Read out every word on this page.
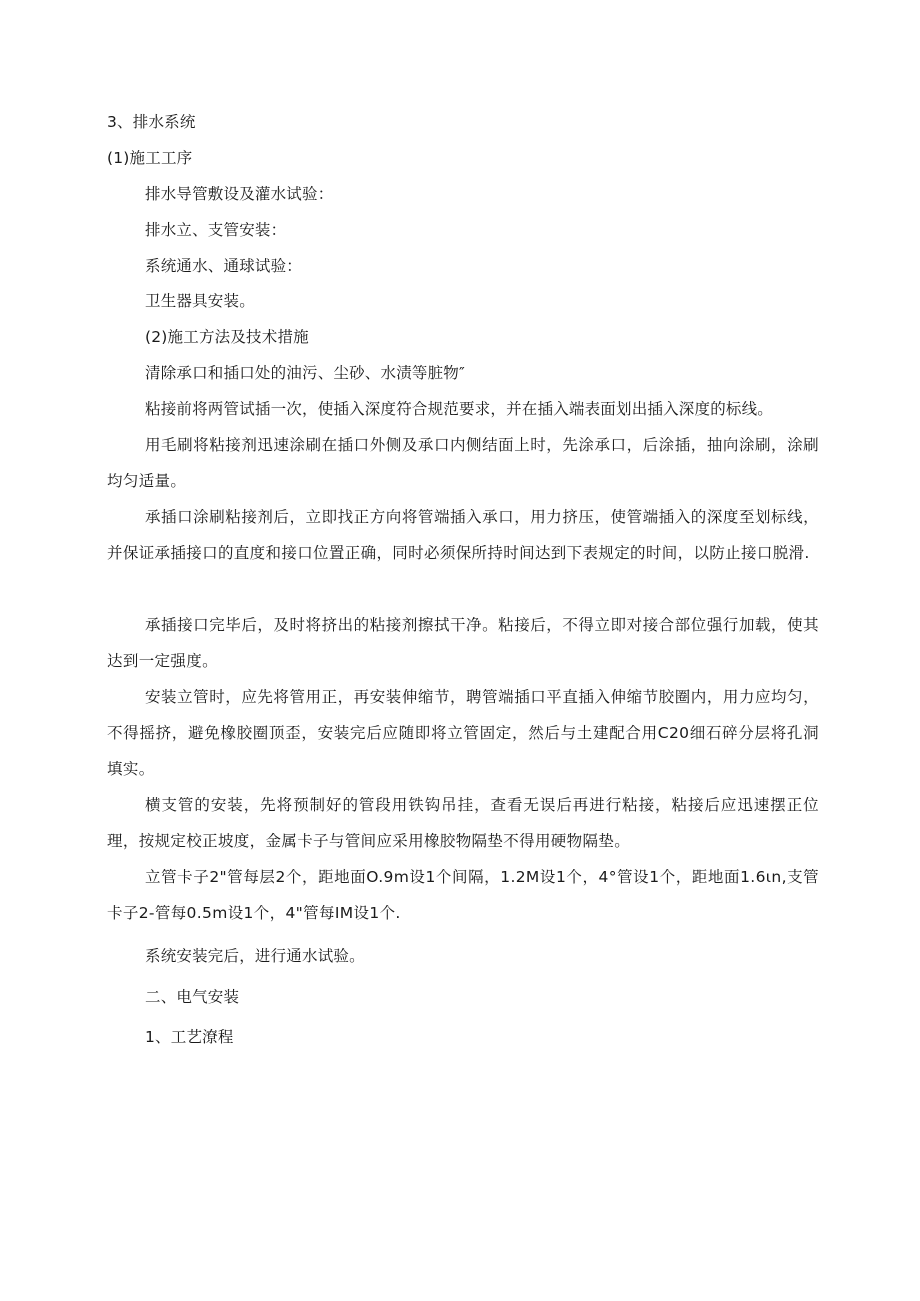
3、排水系统

(1)施工工序

排水导管敷设及灌水试验：

排水立、支管安装：

系统通水、通球试验：

卫生器具安装。

(2)施工方法及技术措施

清除承口和插口处的油污、尘砂、水渍等脏物″

粘接前将两管试插一次，使插入深度符合规范要求，并在插入端表面划出插入深度的标线。

用毛刷将粘接剂迅速涂刷在插口外侧及承口内侧结面上时，先涂承口，后涂插，抽向涂刷，涂刷均匀适量。

承插口涂刷粘接剂后，立即找正方向将管端插入承口，用力挤压，使管端插入的深度至划标线，并保证承插接口的直度和接口位置正确，同时必须保所持时间达到下表规定的时间，以防止接口脱滑.

承插接口完毕后，及时将挤出的粘接剂擦拭干净。粘接后，不得立即对接合部位强行加载，使其达到一定强度。

安装立管时，应先将管用正，再安装伸缩节，聘管端插口平直插入伸缩节胶圈内，用力应均匀，不得摇挤，避免橡胶圈顶歪，安装完后应随即将立管固定，然后与土建配合用C20细石碎分层将孔洞填实。

横支管的安装，先将预制好的管段用铁钩吊挂，查看无误后再进行粘接，粘接后应迅速摆正位理，按规定校正坡度，金属卡子与管间应采用橡胶物隔垫不得用硬物隔垫。

立管卡子2"管每层2个，距地面O.9m设1个间隔，1.2M设1个，4°管设1个，距地面1.6ιn,支管卡子2-管每0.5m设1个，4"管每IM设1个.

系统安装完后，进行通水试验。

二、电气安装

1、工艺潦程
